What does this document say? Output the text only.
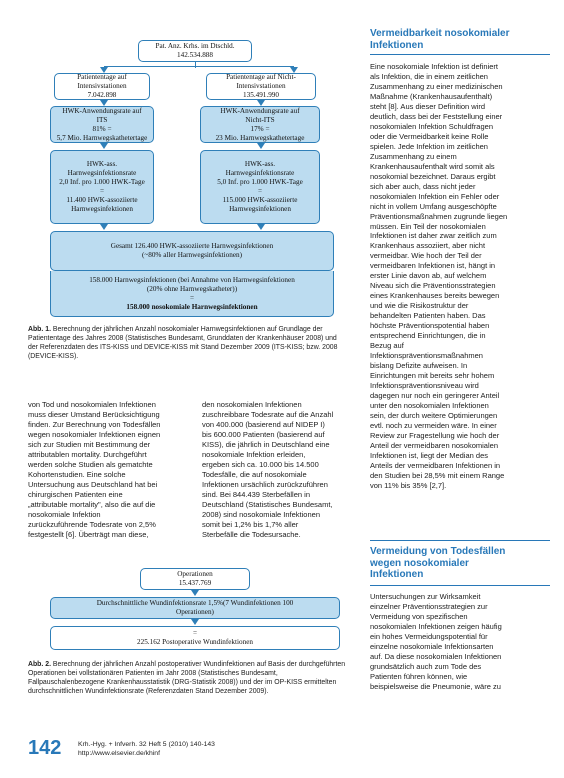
Pat. Anz. Krhs. im Dtschld.
142.534.888
Patiententage auf
Intensivstationen
7.042.898
Patiententage auf Nicht-
Intensivstationen
135.491.990
HWK-Anwendungsrate auf
ITS
81% =
5,7 Mio. Harnwegskathetertage
HWK-Anwendungsrate auf
Nicht-ITS
17% =
23 Mio. Harnwegskathetertage
HWK-ass.
Harnwegsinfektionsrate
2,0 Inf. pro 1.000 HWK-Tage
=
11.400 HWK-assoziierte
Harnwegsinfektionen
HWK-ass.
Harnwegsinfektionsrate
5,0 Inf. pro 1.000 HWK-Tage
=
115.000 HWK-assoziierte
Harnwegsinfektionen
Gesamt 126.400 HWK-assoziierte Harnwegsinfektionen
(~80% aller Harnwegsinfektionen)
158.000 Harnwegsinfektionen (bei Annahme von Harnwegsinfektionen
(20% ohne Harnwegskatheter))
=
158.000 nosokomiale Harnwegsinfektionen
Abb. 1. Berechnung der jährlichen Anzahl nosokomialer Harnwegsinfektionen auf Grundlage der Patiententage des Jahres 2008 (Statistisches Bundesamt, Grunddaten der Krankenhäuser 2008) und der Referenzdaten des ITS-KISS und DEVICE-KISS mit Stand Dezember 2009 (ITS-KISS; bzw. 2008 (DEVICE-KISS).
von Tod und nosokomialen Infektionen
muss dieser Umstand Berücksichtigung
finden. Zur Berechnung von Todesfällen
wegen nosokomialer Infektionen eignen
sich zur Studien mit Bestimmung der
attributablen mortality. Durchgeführt
werden solche Studien als gematchte
Kohortenstudien. Eine solche
Untersuchung aus Deutschland hat bei
chirurgischen Patienten eine
„attributable mortality", also die auf die
nosokomiale Infektion
zurückzuführende Todesrate von 2,5%
festgestellt [6]. Überträgt man diese,
den nosokomialen Infektionen
zuschreibbare Todesrate auf die Anzahl
von 400.000 (basierend auf NIDEP I)
bis 600.000 Patienten (basierend auf
KISS), die jährlich in Deutschland eine
nosokomiale Infektion erleiden,
ergeben sich ca. 10.000 bis 14.500
Todesfälle, die auf nosokomiale
Infektionen ursächlich zurückzuführen
sind. Bei 844.439 Sterbefällen in
Deutschland (Statistisches Bundesamt,
2008) sind nosokomiale Infektionen
somit bei 1,2% bis 1,7% aller
Sterbefälle die Todesursache.
Vermeidbarkeit nosokomialer
Infektionen
Eine nosokomiale Infektion ist definiert
als Infektion, die in einem zeitlichen
Zusammenhang zu einer medizinischen
Maßnahme (Krankenhausaufenthalt)
steht [8]. Aus dieser Definition wird
deutlich, dass bei der Feststellung einer
nosokomialen Infektion Schuldfragen
oder die Vermeidbarkeit keine Rolle
spielen. Jede Infektion im zeitlichen
Zusammenhang zu einem
Krankenhausaufenthalt wird somit als
nosokomial bezeichnet. Daraus ergibt
sich aber auch, dass nicht jeder
nosokomialen Infektion ein Fehler oder
nicht in vollem Umfang ausgeschöpfte
Präventionsmaßnahmen zugrunde liegen
müssen. Ein Teil der nosokomialen
Infektionen ist daher zwar zeitlich zum
Krankenhaus assoziiert, aber nicht
vermeidbar. Wie hoch der Teil der
vermeidbaren Infektionen ist, hängt in
erster Linie davon ab, auf welchem
Niveau sich die Präventionsstrategien
eines Krankenhauses bereits bewegen
und wie die Risikostruktur der
behandelten Patienten haben. Das
höchste Präventionspotential haben
entsprechend Einrichtungen, die in
Bezug auf
Infektionspräventionsmaßnahmen
bislang Defizite aufweisen. In
Einrichtungen mit bereits sehr hohem
Infektionspräventionsniveau wird
dagegen nur noch ein geringerer Anteil
unter den nosokomialen Infektionen
sein, der durch weitere Optimierungen
evtl. noch zu vermeiden wäre. In einer
Review zur Fragestellung wie hoch der
Anteil der vermeidbaren nosokomialen
Infektionen ist, liegt der Median des
Anteils der vermeidbaren Infektionen in
den Studien bei 28,5% mit einem Range
von 11% bis 35% [2,7].
Vermeidung von Todesfällen
wegen nosokomialer
Infektionen
Untersuchungen zur Wirksamkeit
einzelner Präventionsstrategien zur
Vermeidung von spezifischen
nosokomialen Infektionen zeigen häufig
ein hohes Vermeidungspotential für
einzelne nosokomiale Infektionsarten
auf. Da diese nosokomialen Infektionen
grundsätzlich auch zum Tode des
Patienten führen können, wie
beispielsweise die Pneumonie, wäre zu
Operationen
15.437.769
Durchschnittliche Wundinfektionsrate 1,5%(7 Wundinfektionen 100
Operationen)
=
225.162 Postoperative Wundinfektionen
Abb. 2. Berechnung der jährlichen Anzahl postoperativer Wundinfektionen auf Basis der durchgeführten Operationen bei vollstationären Patienten im Jahr 2008 (Statistisches Bundesamt, Fallpauschalenbezogene Krankenhausstatistik (DRG-Statistik 2008)) und der im OP-KISS ermittelten durchschnittlichen Wundinfektionsrate (Referenzdaten Stand Dezember 2009).
142 Krh.-Hyg. + Infverh. 32 Heft 5 (2010) 140-143
http://www.elsevier.de/khinf
